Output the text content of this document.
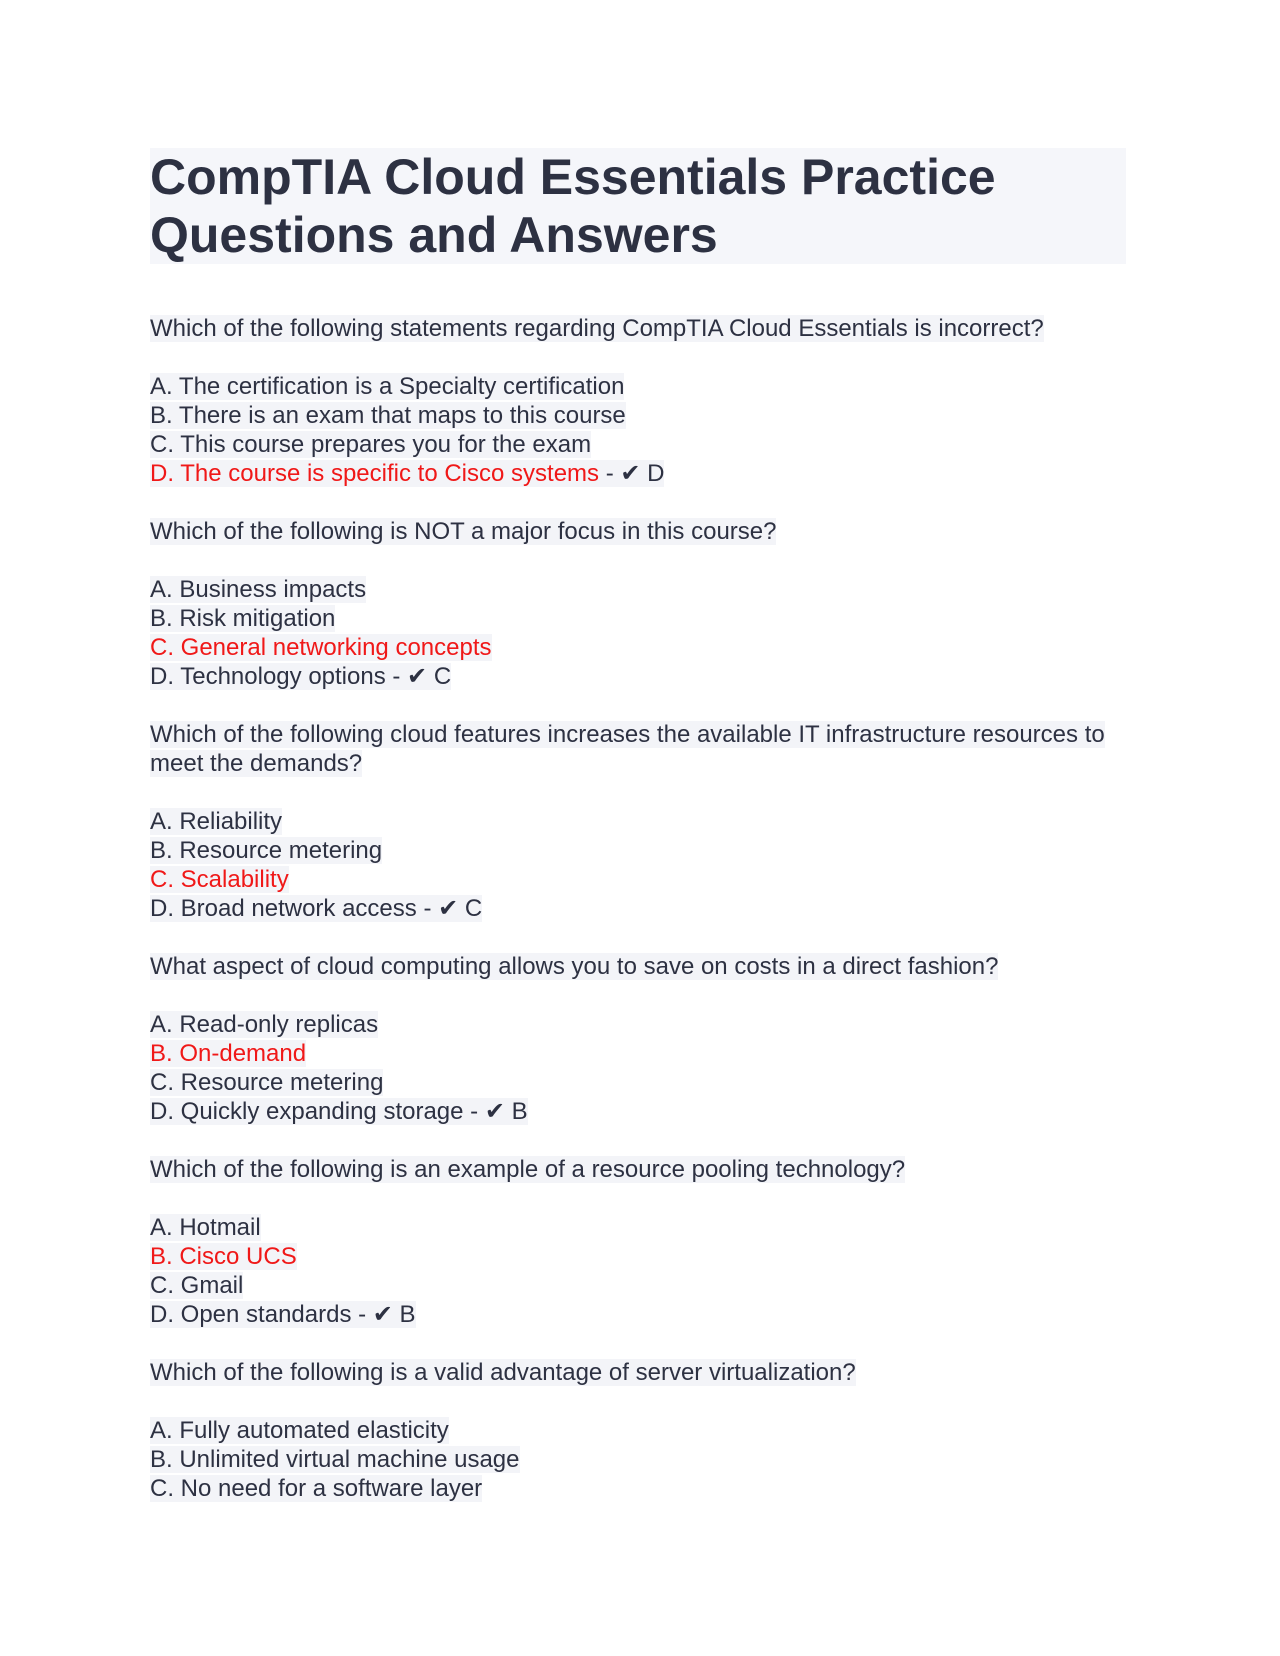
CompTIA Cloud Essentials Practice Questions and Answers
Which of the following statements regarding CompTIA Cloud Essentials is incorrect?
A. The certification is a Specialty certification
B. There is an exam that maps to this course
C. This course prepares you for the exam
D. The course is specific to Cisco systems - ✔ D
Which of the following is NOT a major focus in this course?
A. Business impacts
B. Risk mitigation
C. General networking concepts
D. Technology options - ✔ C
Which of the following cloud features increases the available IT infrastructure resources to meet the demands?
A. Reliability
B. Resource metering
C. Scalability
D. Broad network access - ✔ C
What aspect of cloud computing allows you to save on costs in a direct fashion?
A. Read-only replicas
B. On-demand
C. Resource metering
D. Quickly expanding storage - ✔ B
Which of the following is an example of a resource pooling technology?
A. Hotmail
B. Cisco UCS
C. Gmail
D. Open standards - ✔ B
Which of the following is a valid advantage of server virtualization?
A. Fully automated elasticity
B. Unlimited virtual machine usage
C. No need for a software layer
